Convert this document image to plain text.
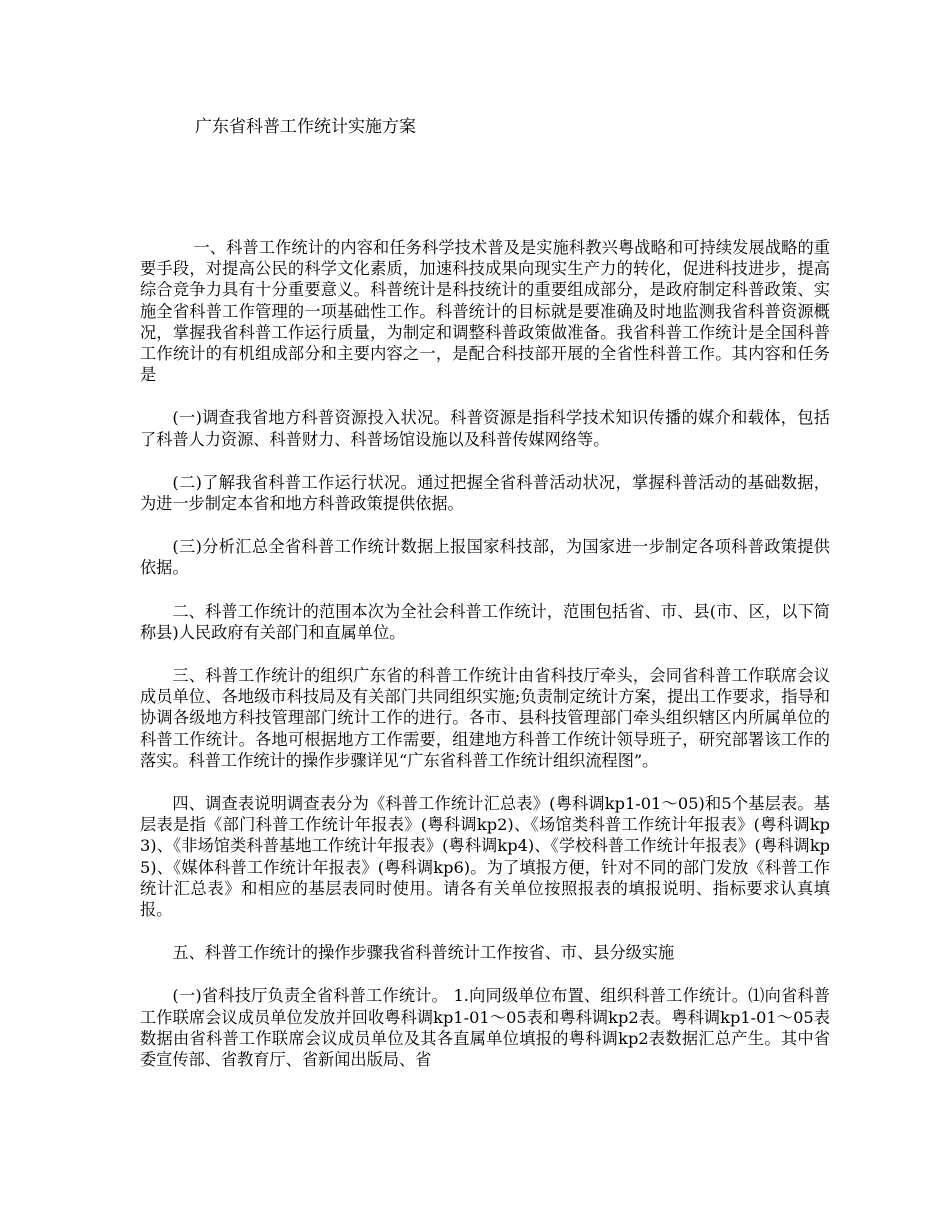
广东省科普工作统计实施方案

一、科普工作统计的内容和任务科学技术普及是实施科教兴粤战略和可持续发展战略的重要手段，对提高公民的科学文化素质，加速科技成果向现实生产力的转化，促进科技进步，提高综合竞争力具有十分重要意义。科普统计是科技统计的重要组成部分，是政府制定科普政策、实施全省科普工作管理的一项基础性工作。科普统计的目标就是要准确及时地监测我省科普资源概况，掌握我省科普工作运行质量，为制定和调整科普政策做准备。我省科普工作统计是全国科普工作统计的有机组成部分和主要内容之一，是配合科技部开展的全省性科普工作。其内容和任务是

(一)调查我省地方科普资源投入状况。科普资源是指科学技术知识传播的媒介和载体，包括了科普人力资源、科普财力、科普场馆设施以及科普传媒网络等。

(二)了解我省科普工作运行状况。通过把握全省科普活动状况，掌握科普活动的基础数据，为进一步制定本省和地方科普政策提供依据。

(三)分析汇总全省科普工作统计数据上报国家科技部，为国家进一步制定各项科普政策提供依据。

二、科普工作统计的范围本次为全社会科普工作统计，范围包括省、市、县(市、区，以下简称县)人民政府有关部门和直属单位。

三、科普工作统计的组织广东省的科普工作统计由省科技厅牵头，会同省科普工作联席会议成员单位、各地级市科技局及有关部门共同组织实施;负责制定统计方案，提出工作要求，指导和协调各级地方科技管理部门统计工作的进行。各市、县科技管理部门牵头组织辖区内所属单位的科普工作统计。各地可根据地方工作需要，组建地方科普工作统计领导班子，研究部署该工作的落实。科普工作统计的操作步骤详见“广东省科普工作统计组织流程图”。

四、调查表说明调查表分为《科普工作统计汇总表》(粤科调kp1-01～05)和5个基层表。基层表是指《部门科普工作统计年报表》(粤科调kp2)、《场馆类科普工作统计年报表》(粤科调kp3)、《非场馆类科普基地工作统计年报表》(粤科调kp4)、《学校科普工作统计年报表》(粤科调kp5)、《媒体科普工作统计年报表》(粤科调kp6)。为了填报方便，针对不同的部门发放《科普工作统计汇总表》和相应的基层表同时使用。请各有关单位按照报表的填报说明、指标要求认真填报。

五、科普工作统计的操作步骤我省科普统计工作按省、市、县分级实施

(一)省科技厅负责全省科普工作统计。 1.向同级单位布置、组织科普工作统计。⑴向省科普工作联席会议成员单位发放并回收粤科调kp1-01～05表和粤科调kp2表。粤科调kp1-01～05表数据由省科普工作联席会议成员单位及其各直属单位填报的粤科调kp2表数据汇总产生。其中省委宣传部、省教育厅、省新闻出版局、省
